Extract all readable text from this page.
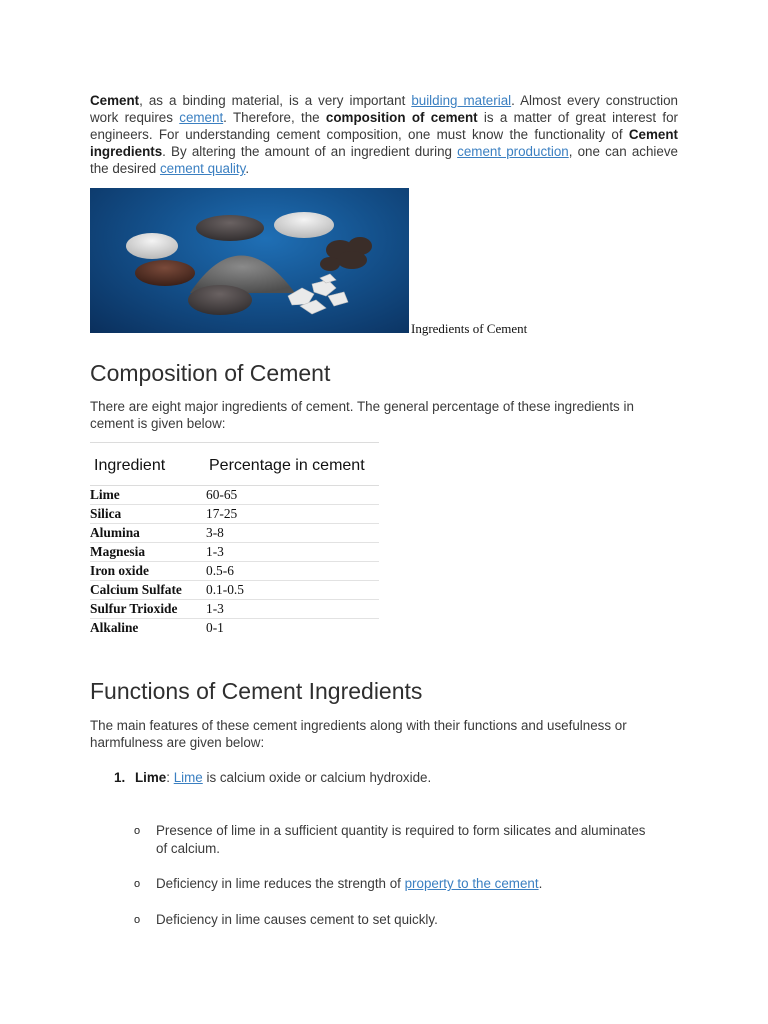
Cement, as a binding material, is a very important building material. Almost every construction work requires cement. Therefore, the composition of cement is a matter of great interest for engineers. For understanding cement composition, one must know the functionality of Cement ingredients. By altering the amount of an ingredient during cement production, one can achieve the desired cement quality.

Ingredients of Cement
Composition of Cement

There are eight major ingredients of cement. The general percentage of these ingredients in cement is given below:

Ingredient	Percentage in cement
Lime	60-65
Silica	17-25
Alumina	3-8
Magnesia	1-3
Iron oxide	0.5-6
Calcium Sulfate	0.1-0.5
Sulfur Trioxide	1-3
Alkaline	0-1
Functions of Cement Ingredients

The main features of these cement ingredients along with their functions and usefulness or harmfulness are given below:

1. Lime: Lime is calcium oxide or calcium hydroxide.
o Presence of lime in a sufficient quantity is required to form silicates and aluminates of calcium.
o Deficiency in lime reduces the strength of property to the cement.
o Deficiency in lime causes cement to set quickly.
